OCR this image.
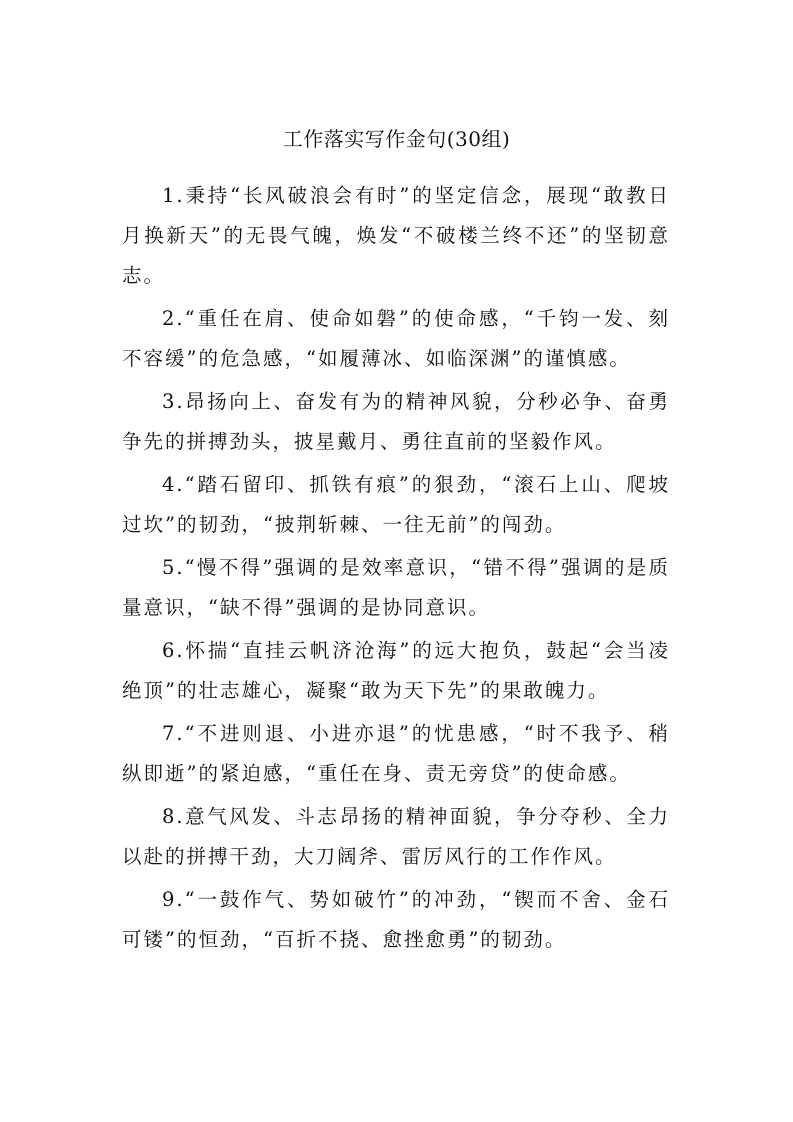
工作落实写作金句(30组)

1.秉持“长风破浪会有时”的坚定信念，展现“敢教日月换新天”的无畏气魄，焕发“不破楼兰终不还”的坚韧意志。

2.“重任在肩、使命如磐”的使命感，“千钧一发、刻不容缓”的危急感，“如履薄冰、如临深渊”的谨慎感。

3.昂扬向上、奋发有为的精神风貌，分秒必争、奋勇争先的拼搏劲头，披星戴月、勇往直前的坚毅作风。

4.“踏石留印、抓铁有痕”的狠劲，“滚石上山、爬坡过坎”的韧劲，“披荆斩棘、一往无前”的闯劲。

5.“慢不得”强调的是效率意识，“错不得”强调的是质量意识，“缺不得”强调的是协同意识。

6.怀揣“直挂云帆济沧海”的远大抱负，鼓起“会当凌绝顶”的壮志雄心，凝聚“敢为天下先”的果敢魄力。

7.“不进则退、小进亦退”的忧患感，“时不我予、稍纵即逝”的紧迫感，“重任在身、责无旁贷”的使命感。

8.意气风发、斗志昂扬的精神面貌，争分夺秒、全力以赴的拼搏干劲，大刀阔斧、雷厉风行的工作作风。

9.“一鼓作气、势如破竹”的冲劲，“锲而不舍、金石可镂”的恒劲，“百折不挠、愈挫愈勇”的韧劲。
